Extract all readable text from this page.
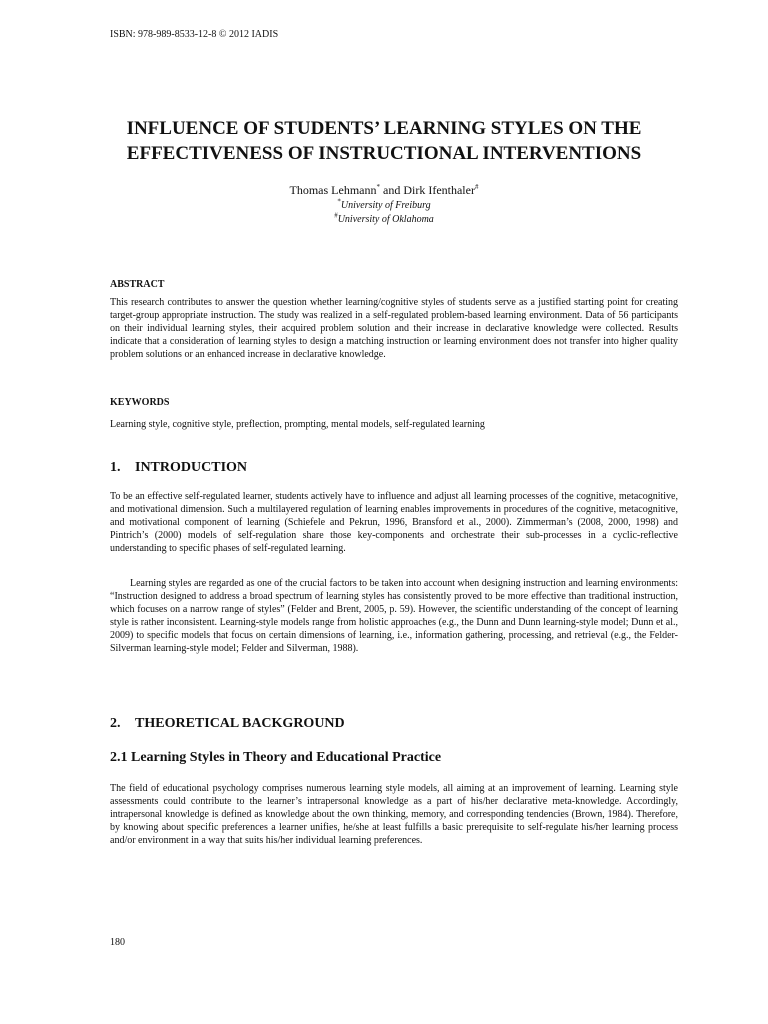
ISBN: 978-989-8533-12-8 © 2012 IADIS
INFLUENCE OF STUDENTS’ LEARNING STYLES ON THE EFFECTIVENESS OF INSTRUCTIONAL INTERVENTIONS
Thomas Lehmann* and Dirk Ifenthaler#
*University of Freiburg
#University of Oklahoma
ABSTRACT

This research contributes to answer the question whether learning/cognitive styles of students serve as a justified starting point for creating target-group appropriate instruction. The study was realized in a self-regulated problem-based learning environment. Data of 56 participants on their individual learning styles, their acquired problem solution and their increase in declarative knowledge were collected. Results indicate that a consideration of learning styles to design a matching instruction or learning environment does not transfer into higher quality problem solutions or an enhanced increase in declarative knowledge.

KEYWORDS

Learning style, cognitive style, preflection, prompting, mental models, self-regulated learning

1. INTRODUCTION

To be an effective self-regulated learner, students actively have to influence and adjust all learning processes of the cognitive, metacognitive, and motivational dimension. Such a multilayered regulation of learning enables improvements in procedures of the cognitive, metacognitive, and motivational component of learning (Schiefele and Pekrun, 1996, Bransford et al., 2000). Zimmerman’s (2008, 2000, 1998) and Pintrich’s (2000) models of self-regulation share those key-components and orchestrate their sub-processes in a cyclic-reflective understanding to specific phases of self-regulated learning.

Learning styles are regarded as one of the crucial factors to be taken into account when designing instruction and learning environments: “Instruction designed to address a broad spectrum of learning styles has consistently proved to be more effective than traditional instruction, which focuses on a narrow range of styles” (Felder and Brent, 2005, p. 59). However, the scientific understanding of the concept of learning style is rather inconsistent. Learning-style models range from holistic approaches (e.g., the Dunn and Dunn learning-style model; Dunn et al., 2009) to specific models that focus on certain dimensions of learning, i.e., information gathering, processing, and retrieval (e.g., the Felder-Silverman learning-style model; Felder and Silverman, 1988).

2. THEORETICAL BACKGROUND
2.1 Learning Styles in Theory and Educational Practice

The field of educational psychology comprises numerous learning style models, all aiming at an improvement of learning. Learning style assessments could contribute to the learner’s intrapersonal knowledge as a part of his/her declarative meta-knowledge. Accordingly, intrapersonal knowledge is defined as knowledge about the own thinking, memory, and corresponding tendencies (Brown, 1984). Therefore, by knowing about specific preferences a learner unifies, he/she at least fulfills a basic prerequisite to self-regulate his/her learning process and/or environment in a way that suits his/her individual learning preferences.

180
